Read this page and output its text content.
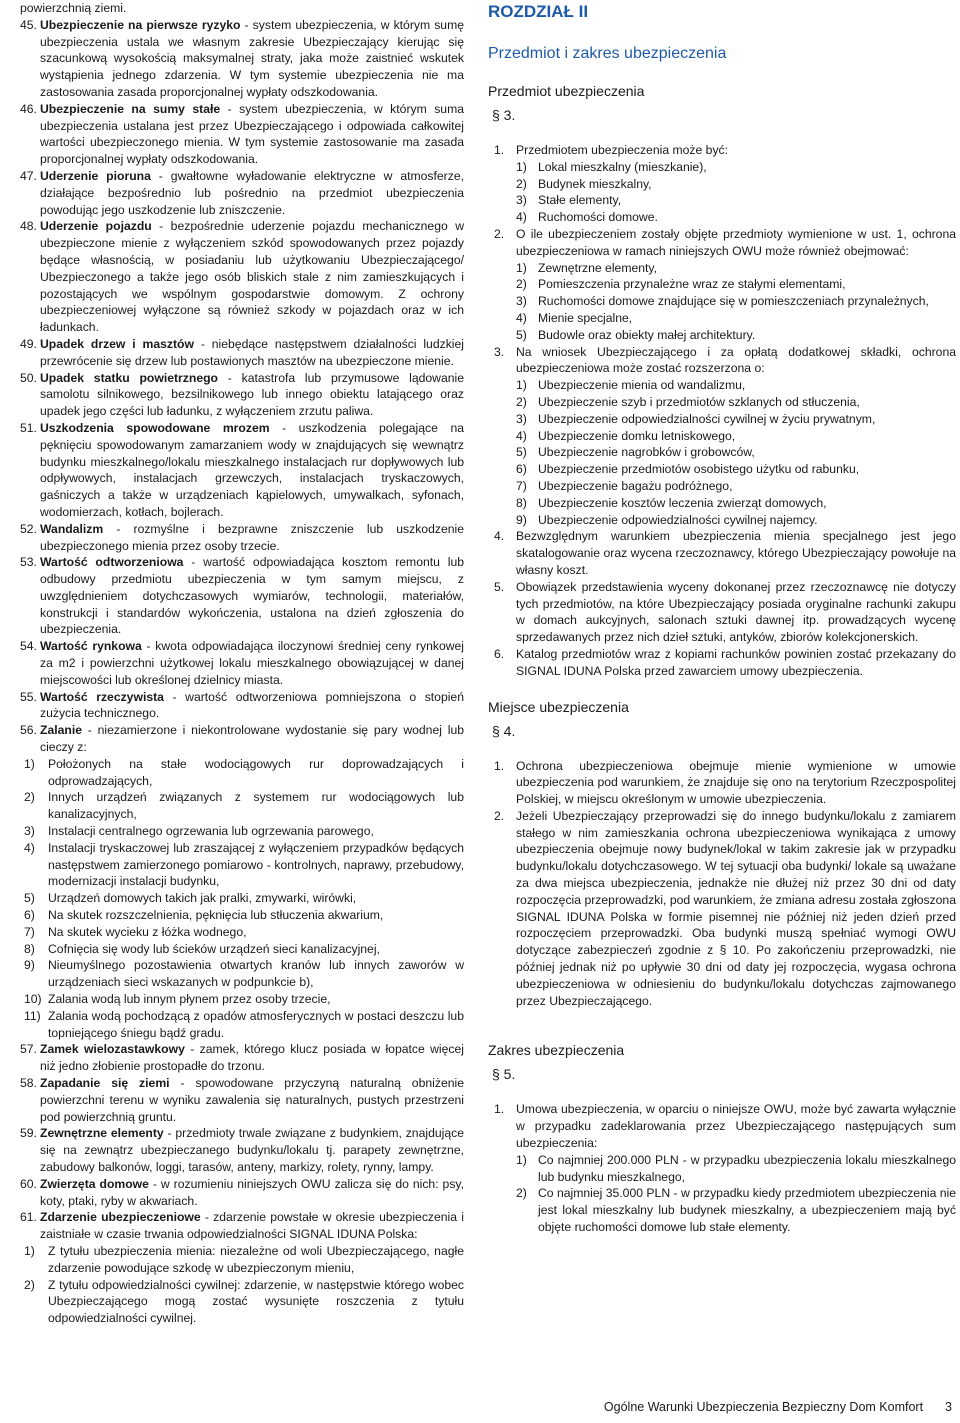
powierzchnią ziemi.

45. Ubezpieczenie na pierwsze ryzyko - system ubezpieczenia, w którym sumę ubezpieczenia ustala we własnym zakresie Ubezpieczający kierując się szacunkową wysokością maksymalnej straty, jaka może zaistnieć wskutek wystąpienia jednego zdarzenia. W tym systemie ubezpieczenia nie ma zastosowania zasada proporcjonalnej wypłaty odszkodowania.
46. Ubezpieczenie na sumy stałe - system ubezpieczenia, w którym suma ubezpieczenia ustalana jest przez Ubezpieczającego i odpowiada całkowitej wartości ubezpieczonego mienia. W tym systemie zastosowanie ma zasada proporcjonalnej wypłaty odszkodowania.
47. Uderzenie pioruna - gwałtowne wyładowanie elektryczne w atmosferze, działające bezpośrednio lub pośrednio na przedmiot ubezpieczenia powodując jego uszkodzenie lub zniszczenie.
48. Uderzenie pojazdu - bezpośrednie uderzenie pojazdu mechanicznego w ubezpieczone mienie z wyłączeniem szkód spowodowanych przez pojazdy będące własnością, w posiadaniu lub użytkowaniu Ubezpieczającego/ Ubezpieczonego a także jego osób bliskich stale z nim zamieszkujących i pozostających we wspólnym gospodarstwie domowym. Z ochrony ubezpieczeniowej wyłączone są również szkody w pojazdach oraz w ich ładunkach.
49. Upadek drzew i masztów - niebędące następstwem działalności ludzkiej przewrócenie się drzew lub postawionych masztów na ubezpieczone mienie.
50. Upadek statku powietrznego - katastrofa lub przymusowe lądowanie samolotu silnikowego, bezsilnikowego lub innego obiektu latającego oraz upadek jego części lub ładunku, z wyłączeniem zrzutu paliwa.
51. Uszkodzenia spowodowane mrozem - uszkodzenia polegające na pęknięciu spowodowanym zamarzaniem wody w znajdujących się wewnątrz budynku mieszkalnego/lokalu mieszkalnego instalacjach rur dopływowych lub odpływowych, instalacjach grzewczych, instalacjach tryskaczowych, gaśniczych a także w urządzeniach kąpielowych, umywalkach, syfonach, wodomierzach, kotłach, bojlerach.
52. Wandalizm - rozmyślne i bezprawne zniszczenie lub uszkodzenie ubezpieczonego mienia przez osoby trzecie.
53. Wartość odtworzeniowa - wartość odpowiadająca kosztom remontu lub odbudowy przedmiotu ubezpieczenia w tym samym miejscu, z uwzględnieniem dotychczasowych wymiarów, technologii, materiałów, konstrukcji i standardów wykończenia, ustalona na dzień zgłoszenia do ubezpieczenia.
54. Wartość rynkowa - kwota odpowiadająca iloczynowi średniej ceny rynkowej za m2 i powierzchni użytkowej lokalu mieszkalnego obowiązującej w danej miejscowości lub określonej dzielnicy miasta.
55. Wartość rzeczywista - wartość odtworzeniowa pomniejszona o stopień zużycia technicznego.
56. Zalanie - niezamierzone i niekontrolowane wydostanie się pary wodnej lub cieczy z:
1)	Położonych na stałe wodociągowych rur doprowadzających i odprowadzających,
2)	Innych urządzeń związanych z systemem rur wodociągowych lub kanalizacyjnych,
3)	Instalacji centralnego ogrzewania lub ogrzewania parowego,
4)	Instalacji tryskaczowej lub zraszającej z wyłączeniem przypadków będących następstwem zamierzonego pomiarowo - kontrolnych, naprawy, przebudowy, modernizacji instalacji budynku,
5)	Urządzeń domowych takich jak pralki, zmywarki, wirówki,
6)	Na skutek rozszczelnienia, pęknięcia lub stłuczenia akwarium,
7)	Na skutek wycieku z łóżka wodnego,
8)	Cofnięcia się wody lub ścieków urządzeń sieci kanalizacyjnej,
9)	Nieumyślnego pozostawienia otwartych kranów lub innych zaworów w urządzeniach sieci wskazanych w podpunkcie b),
10) Zalania wodą lub innym płynem przez osoby trzecie,
11) Zalania wodą pochodzącą z opadów atmosferycznych w postaci deszczu lub topniejącego śniegu bądź gradu.
57. Zamek wielozastawkowy - zamek, którego klucz posiada w łopatce więcej niż jedno złobienie prostopadłe do trzonu.
58. Zapadanie się ziemi - spowodowane przyczyną naturalną obniżenie powierzchni terenu w wyniku zawalenia się naturalnych, pustych przestrzeni pod powierzchnią gruntu.
59. Zewnętrzne elementy - przedmioty trwale związane z budynkiem, znajdujące się na zewnątrz ubezpieczanego budynku/lokalu tj. parapety zewnętrzne, zabudowy balkonów, loggi, tarasów, anteny, markizy, rolety, rynny, lampy.
60. Zwierzęta domowe - w rozumieniu niniejszych OWU zalicza się do nich: psy, koty, ptaki, ryby w akwariach.
61. Zdarzenie ubezpieczeniowe - zdarzenie powstałe w okresie ubezpieczenia i zaistniałe w czasie trwania odpowiedzialności SIGNAL IDUNA Polska:
1)	Z tytułu ubezpieczenia mienia: niezależne od woli Ubezpieczającego, nagłe zdarzenie powodujące szkodę w ubezpieczonym mieniu,
2)	Z tytułu odpowiedzialności cywilnej: zdarzenie, w następstwie którego wobec Ubezpieczającego mogą zostać wysunięte roszczenia z tytułu odpowiedzialności cywilnej.

ROZDZIAŁ II

Przedmiot i zakres ubezpieczenia

Przedmiot ubezpieczenia

§ 3.

1. Przedmiotem ubezpieczenia może być:
1) Lokal mieszkalny (mieszkanie),
2) Budynek mieszkalny,
3) Stałe elementy,
4) Ruchomości domowe.
2. O ile ubezpieczeniem zostały objęte przedmioty wymienione w ust. 1, ochrona ubezpieczeniowa w ramach niniejszych OWU może również obejmować:
1) Zewnętrzne elementy,
2) Pomieszczenia przynależne wraz ze stałymi elementami,
3) Ruchomości domowe znajdujące się w pomieszczeniach przynależnych,
4) Mienie specjalne,
5) Budowle oraz obiekty małej architektury.
3. Na wniosek Ubezpieczającego i za opłatą dodatkowej składki, ochrona ubezpieczeniowa może zostać rozszerzona o:
1) Ubezpieczenie mienia od wandalizmu,
2) Ubezpieczenie szyb i przedmiotów szklanych od stłuczenia,
3) Ubezpieczenie odpowiedzialności cywilnej w życiu prywatnym,
4) Ubezpieczenie domku letniskowego,
5) Ubezpieczenie nagrobków i grobowców,
6) Ubezpieczenie przedmiotów osobistego użytku od rabunku,
7) Ubezpieczenie bagażu podróżnego,
8) Ubezpieczenie kosztów leczenia zwierząt domowych,
9) Ubezpieczenie odpowiedzialności cywilnej najemcy.
4. Bezwzględnym warunkiem ubezpieczenia mienia specjalnego jest jego skatalogowanie oraz wycena rzeczoznawcy, którego Ubezpieczający powołuje na własny koszt.
5. Obowiązek przedstawienia wyceny dokonanej przez rzeczoznawcę nie dotyczy tych przedmiotów, na które Ubezpieczający posiada oryginalne rachunki zakupu w domach aukcyjnych, salonach sztuki dawnej itp. prowadzących wycenę sprzedawanych przez nich dzieł sztuki, antyków, zbiorów kolekcjonerskich.
6. Katalog przedmiotów wraz z kopiami rachunków powinien zostać przekazany do SIGNAL IDUNA Polska przed zawarciem umowy ubezpieczenia.

Miejsce ubezpieczenia

§ 4.

1. Ochrona ubezpieczeniowa obejmuje mienie wymienione w umowie ubezpieczenia pod warunkiem, że znajduje się ono na terytorium Rzeczpospolitej Polskiej, w miejscu określonym w umowie ubezpieczenia.
2. Jeżeli Ubezpieczający przeprowadzi się do innego budynku/lokalu z zamiarem stałego w nim zamieszkania ochrona ubezpieczeniowa wynikająca z umowy ubezpieczenia obejmuje nowy budynek/lokal w takim zakresie jak w przypadku budynku/lokalu dotychczasowego. W tej sytuacji oba budynki/ lokale są uważane za dwa miejsca ubezpieczenia, jednakże nie dłużej niż przez 30 dni od daty rozpoczęcia przeprowadzki, pod warunkiem, że zmiana adresu została zgłoszona SIGNAL IDUNA Polska w formie pisemnej nie później niż jeden dzień przed rozpoczęciem przeprowadzki. Oba budynki muszą spełniać wymogi OWU dotyczące zabezpieczeń zgodnie z § 10. Po zakończeniu przeprowadzki, nie później jednak niż po upływie 30 dni od daty jej rozpoczęcia, wygasa ochrona ubezpieczeniowa w odniesieniu do budynku/lokalu dotychczas zajmowanego przez Ubezpieczającego.

Zakres ubezpieczenia

§ 5.

1. Umowa ubezpieczenia, w oparciu o niniejsze OWU, może być zawarta wyłącznie w przypadku zadeklarowania przez Ubezpieczającego następujących sum ubezpieczenia:
1) Co najmniej 200.000 PLN - w przypadku ubezpieczenia lokalu mieszkalnego lub budynku mieszkalnego,
2) Co najmniej 35.000 PLN - w przypadku kiedy przedmiotem ubezpieczenia nie jest lokal mieszkalny lub budynek mieszkalny, a ubezpieczeniem mają być objęte ruchomości domowe lub stałe elementy.
Ogólne Warunki Ubezpieczenia Bezpieczny Dom Komfort 3
